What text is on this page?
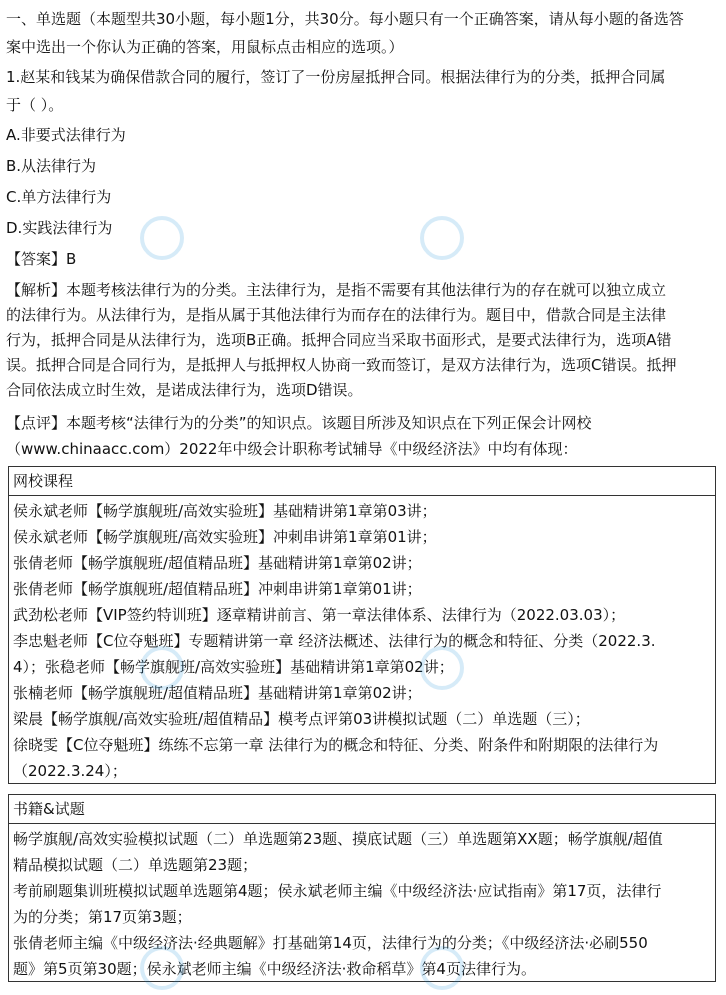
一、单选题（本题型共30小题，每小题1分，共30分。每小题只有一个正确答案，请从每小题的备选答
案中选出一个你认为正确的答案，用鼠标点击相应的选项。）
1.赵某和钱某为确保借款合同的履行，签订了一份房屋抵押合同。根据法律行为的分类，抵押合同属
于（ ）。
A.非要式法律行为
B.从法律行为
C.单方法律行为
D.实践法律行为
【答案】B
【解析】本题考核法律行为的分类。主法律行为，是指不需要有其他法律行为的存在就可以独立成立
的法律行为。从法律行为，是指从属于其他法律行为而存在的法律行为。题目中，借款合同是主法律
行为，抵押合同是从法律行为，选项B正确。抵押合同应当采取书面形式，是要式法律行为，选项A错
误。抵押合同是合同行为，是抵押人与抵押权人协商一致而签订，是双方法律行为，选项C错误。抵押
合同依法成立时生效，是诺成法律行为，选项D错误。
【点评】本题考核“法律行为的分类”的知识点。该题目所涉及知识点在下列正保会计网校
（www.chinaacc.com）2022年中级会计职称考试辅导《中级经济法》中均有体现：
网校课程
侯永斌老师【畅学旗舰班/高效实验班】基础精讲第1章第03讲；
侯永斌老师【畅学旗舰班/高效实验班】冲刺串讲第1章第01讲；
张倩老师【畅学旗舰班/超值精品班】基础精讲第1章第02讲；
张倩老师【畅学旗舰班/超值精品班】冲刺串讲第1章第01讲；
武劲松老师【VIP签约特训班】逐章精讲前言、第一章法律体系、法律行为（2022.03.03）；
李忠魁老师【C位夺魁班】专题精讲第一章 经济法概述、法律行为的概念和特征、分类（2022.3.
4）；张稳老师【畅学旗舰班/高效实验班】基础精讲第1章第02讲；
张楠老师【畅学旗舰班/超值精品班】基础精讲第1章第02讲；
梁晨【畅学旗舰/高效实验班/超值精品】模考点评第03讲模拟试题（二）单选题（三）；
徐晓雯【C位夺魁班】练练不忘第一章 法律行为的概念和特征、分类、附条件和附期限的法律行为
（2022.3.24）；
书籍&试题
畅学旗舰/高效实验模拟试题（二）单选题第23题、摸底试题（三）单选题第XX题；畅学旗舰/超值
精品模拟试题（二）单选题第23题；
考前刷题集训班模拟试题单选题第4题；侯永斌老师主编《中级经济法·应试指南》第17页，法律行
为的分类；第17页第3题；
张倩老师主编《中级经济法·经典题解》打基础第14页，法律行为的分类；《中级经济法·必刷550
题》第5页第30题；侯永斌老师主编《中级经济法·救命稻草》第4页法律行为。
